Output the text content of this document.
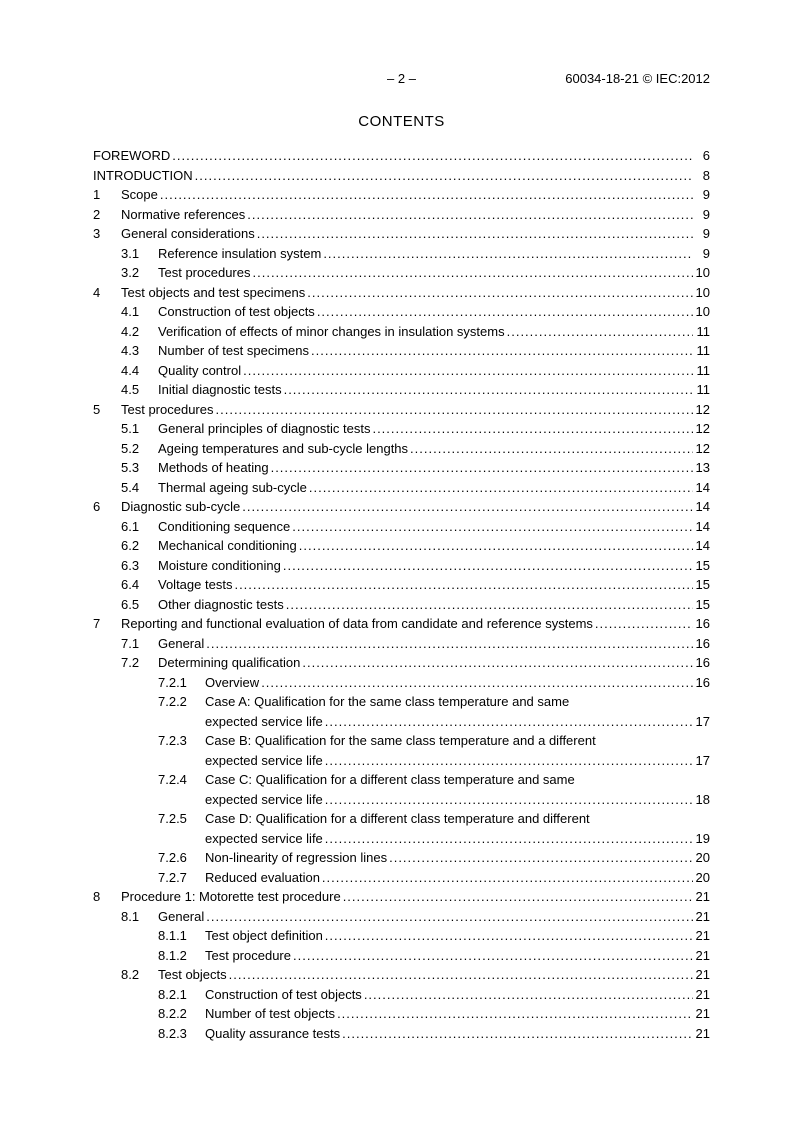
– 2 –	60034-18-21 © IEC:2012
CONTENTS
FOREWORD .....	6
INTRODUCTION .....	8
1	Scope .....	9
2	Normative references .....	9
3	General considerations .....	9
3.1	Reference insulation system .....	9
3.2	Test procedures .....	10
4	Test objects and test specimens .....	10
4.1	Construction of test objects .....	10
4.2	Verification of effects of minor changes in insulation systems .....	11
4.3	Number of test specimens .....	11
4.4	Quality control .....	11
4.5	Initial diagnostic tests .....	11
5	Test procedures .....	12
5.1	General principles of diagnostic tests .....	12
5.2	Ageing temperatures and sub-cycle lengths .....	12
5.3	Methods of heating .....	13
5.4	Thermal ageing sub-cycle .....	14
6	Diagnostic sub-cycle .....	14
6.1	Conditioning sequence .....	14
6.2	Mechanical conditioning .....	14
6.3	Moisture conditioning .....	15
6.4	Voltage tests .....	15
6.5	Other diagnostic tests .....	15
7	Reporting and functional evaluation of data from candidate and reference systems .....	16
7.1	General .....	16
7.2	Determining qualification .....	16
7.2.1	Overview .....	16
7.2.2	Case A: Qualification for the same class temperature and same
expected service life .....	17
7.2.3	Case B: Qualification for the same class temperature and a different
expected service life .....	17
7.2.4	Case C: Qualification for a different class temperature and same
expected service life .....	18
7.2.5	Case D: Qualification for a different class temperature and different
expected service life .....	19
7.2.6	Non-linearity of regression lines .....	20
7.2.7	Reduced evaluation .....	20
8	Procedure 1: Motorette test procedure .....	21
8.1	General .....	21
8.1.1	Test object definition .....	21
8.1.2	Test procedure .....	21
8.2	Test objects .....	21
8.2.1	Construction of test objects .....	21
8.2.2	Number of test objects .....	21
8.2.3	Quality assurance tests .....	21
